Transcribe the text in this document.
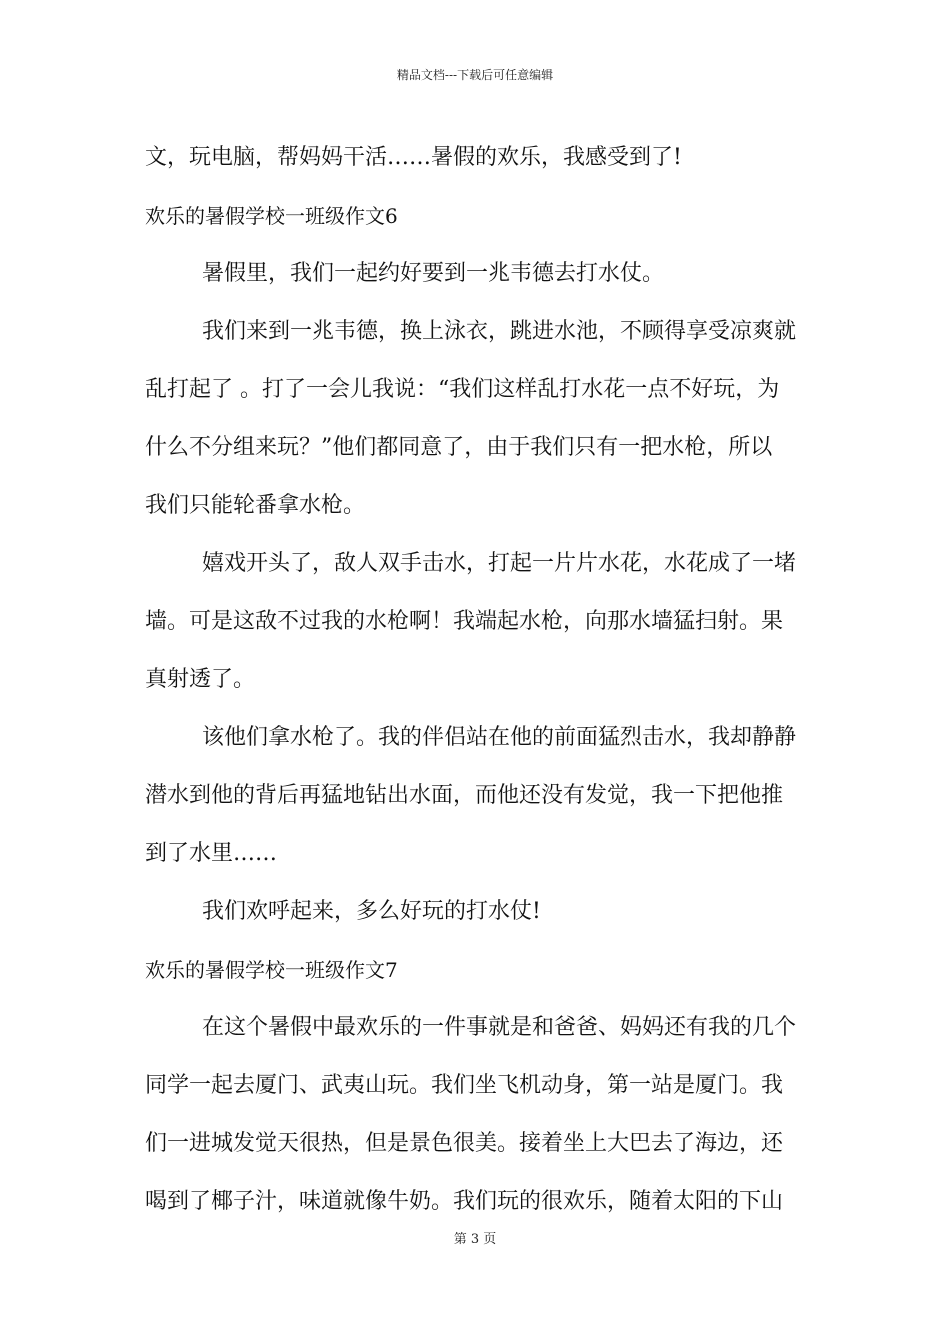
精品文档---下载后可任意编辑
文，玩电脑，帮妈妈干活……暑假的欢乐，我感受到了!
欢乐的暑假学校一班级作文6
暑假里，我们一起约好要到一兆韦德去打水仗。
我们来到一兆韦德，换上泳衣，跳进水池，不顾得享受凉爽就
乱打起了 。打了一会儿我说：“我们这样乱打水花一点不好玩，为
什么不分组来玩？”他们都同意了，由于我们只有一把水枪，所以
我们只能轮番拿水枪。
嬉戏开头了，敌人双手击水，打起一片片水花，水花成了一堵
墙。可是这敌不过我的水枪啊！我端起水枪，向那水墙猛扫射。果
真射透了。
该他们拿水枪了。我的伴侣站在他的前面猛烈击水，我却静静
潜水到他的背后再猛地钻出水面，而他还没有发觉，我一下把他推
到了水里……
我们欢呼起来，多么好玩的打水仗!
欢乐的暑假学校一班级作文7
在这个暑假中最欢乐的一件事就是和爸爸、妈妈还有我的几个
同学一起去厦门、武夷山玩。我们坐飞机动身，第一站是厦门。我
们一进城发觉天很热，但是景色很美。接着坐上大巴去了海边，还
喝到了椰子汁，味道就像牛奶。我们玩的很欢乐，随着太阳的下山
第 3 页
